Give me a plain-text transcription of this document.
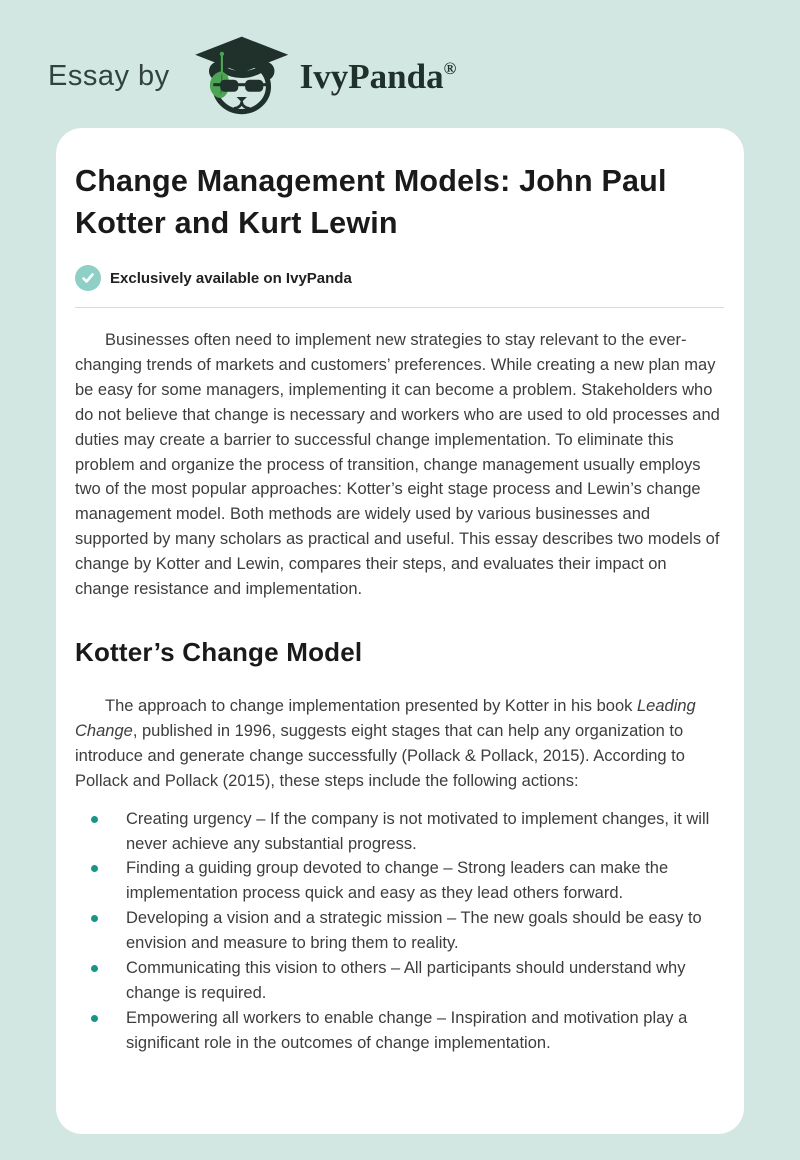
Essay by	IvyPanda®
Change Management Models: John Paul Kotter and Kurt Lewin
Exclusively available on IvyPanda

Businesses often need to implement new strategies to stay relevant to the ever-changing trends of markets and customers’ preferences. While creating a new plan may be easy for some managers, implementing it can become a problem. Stakeholders who do not believe that change is necessary and workers who are used to old processes and duties may create a barrier to successful change implementation. To eliminate this problem and organize the process of transition, change management usually employs two of the most popular approaches: Kotter’s eight stage process and Lewin’s change management model. Both methods are widely used by various businesses and supported by many scholars as practical and useful. This essay describes two models of change by Kotter and Lewin, compares their steps, and evaluates their impact on change resistance and implementation.

Kotter’s Change Model

The approach to change implementation presented by Kotter in his book Leading Change, published in 1996, suggests eight stages that can help any organization to introduce and generate change successfully (Pollack & Pollack, 2015). According to Pollack and Pollack (2015), these steps include the following actions:

Creating urgency – If the company is not motivated to implement changes, it will never achieve any substantial progress.
Finding a guiding group devoted to change – Strong leaders can make the implementation process quick and easy as they lead others forward.
Developing a vision and a strategic mission – The new goals should be easy to envision and measure to bring them to reality.
Communicating this vision to others – All participants should understand why change is required.
Empowering all workers to enable change – Inspiration and motivation play a significant role in the outcomes of change implementation.
